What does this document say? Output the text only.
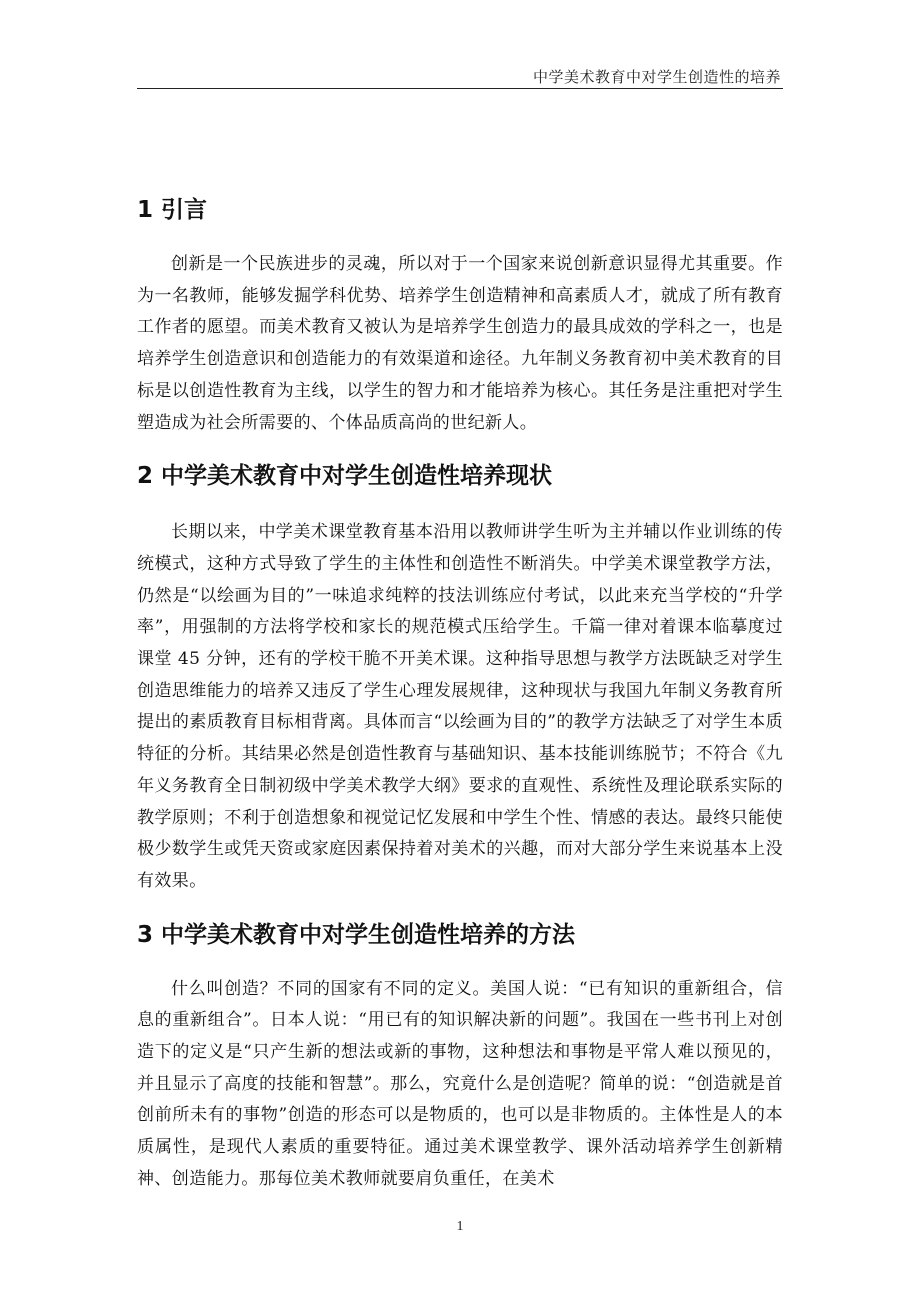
中学美术教育中对学生创造性的培养
1 引言

创新是一个民族进步的灵魂，所以对于一个国家来说创新意识显得尤其重要。作为一名教师，能够发掘学科优势、培养学生创造精神和高素质人才，就成了所有教育工作者的愿望。而美术教育又被认为是培养学生创造力的最具成效的学科之一，也是培养学生创造意识和创造能力的有效渠道和途径。九年制义务教育初中美术教育的目标是以创造性教育为主线，以学生的智力和才能培养为核心。其任务是注重把对学生塑造成为社会所需要的、个体品质高尚的世纪新人。

2 中学美术教育中对学生创造性培养现状

长期以来，中学美术课堂教育基本沿用以教师讲学生听为主并辅以作业训练的传统模式，这种方式导致了学生的主体性和创造性不断消失。中学美术课堂教学方法，仍然是“以绘画为目的”一味追求纯粹的技法训练应付考试，以此来充当学校的“升学率”，用强制的方法将学校和家长的规范模式压给学生。千篇一律对着课本临摹度过课堂 45 分钟，还有的学校干脆不开美术课。这种指导思想与教学方法既缺乏对学生创造思维能力的培养又违反了学生心理发展规律，这种现状与我国九年制义务教育所提出的素质教育目标相背离。具体而言“以绘画为目的”的教学方法缺乏了对学生本质特征的分析。其结果必然是创造性教育与基础知识、基本技能训练脱节；不符合《九年义务教育全日制初级中学美术教学大纲》要求的直观性、系统性及理论联系实际的教学原则；不利于创造想象和视觉记忆发展和中学生个性、情感的表达。最终只能使极少数学生或凭天资或家庭因素保持着对美术的兴趣，而对大部分学生来说基本上没有效果。

3 中学美术教育中对学生创造性培养的方法

什么叫创造？不同的国家有不同的定义。美国人说：“已有知识的重新组合，信息的重新组合”。日本人说：“用已有的知识解决新的问题”。我国在一些书刊上对创造下的定义是“只产生新的想法或新的事物，这种想法和事物是平常人难以预见的，并且显示了高度的技能和智慧”。那么，究竟什么是创造呢？简单的说：“创造就是首创前所未有的事物”创造的形态可以是物质的，也可以是非物质的。主体性是人的本质属性，是现代人素质的重要特征。通过美术课堂教学、课外活动培养学生创新精神、创造能力。那每位美术教师就要肩负重任，在美术

1
